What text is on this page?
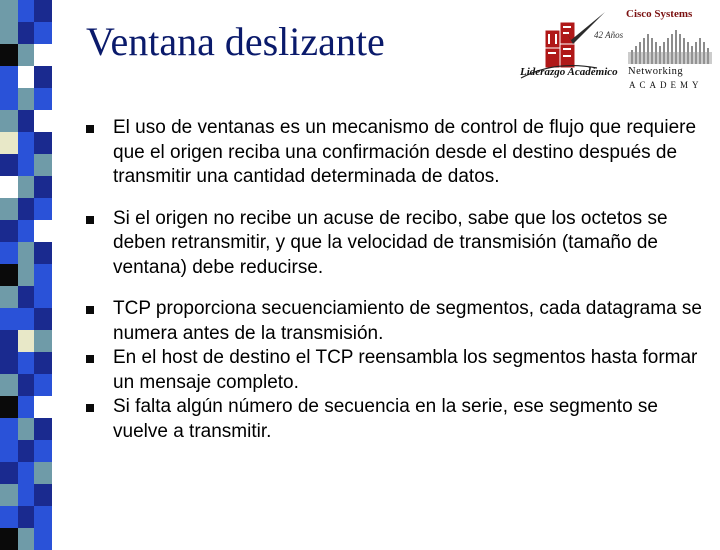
Ventana deslizante	42 Años
Liderazgo Académico
Cisco Systems
Networking
ACADEMY
El uso de ventanas es un mecanismo de control de flujo que requiere que el origen reciba una confirmación desde el destino después de transmitir una cantidad determinada de datos.
Si el origen no recibe un acuse de recibo, sabe que los octetos se deben retransmitir, y que la velocidad de transmisión (tamaño de ventana) debe reducirse.
TCP proporciona secuenciamiento de segmentos, cada datagrama se numera antes de la transmisión.
En el host de destino el TCP reensambla los segmentos hasta formar un mensaje completo.
Si falta algún número de secuencia en la serie, ese segmento se vuelve a transmitir.
